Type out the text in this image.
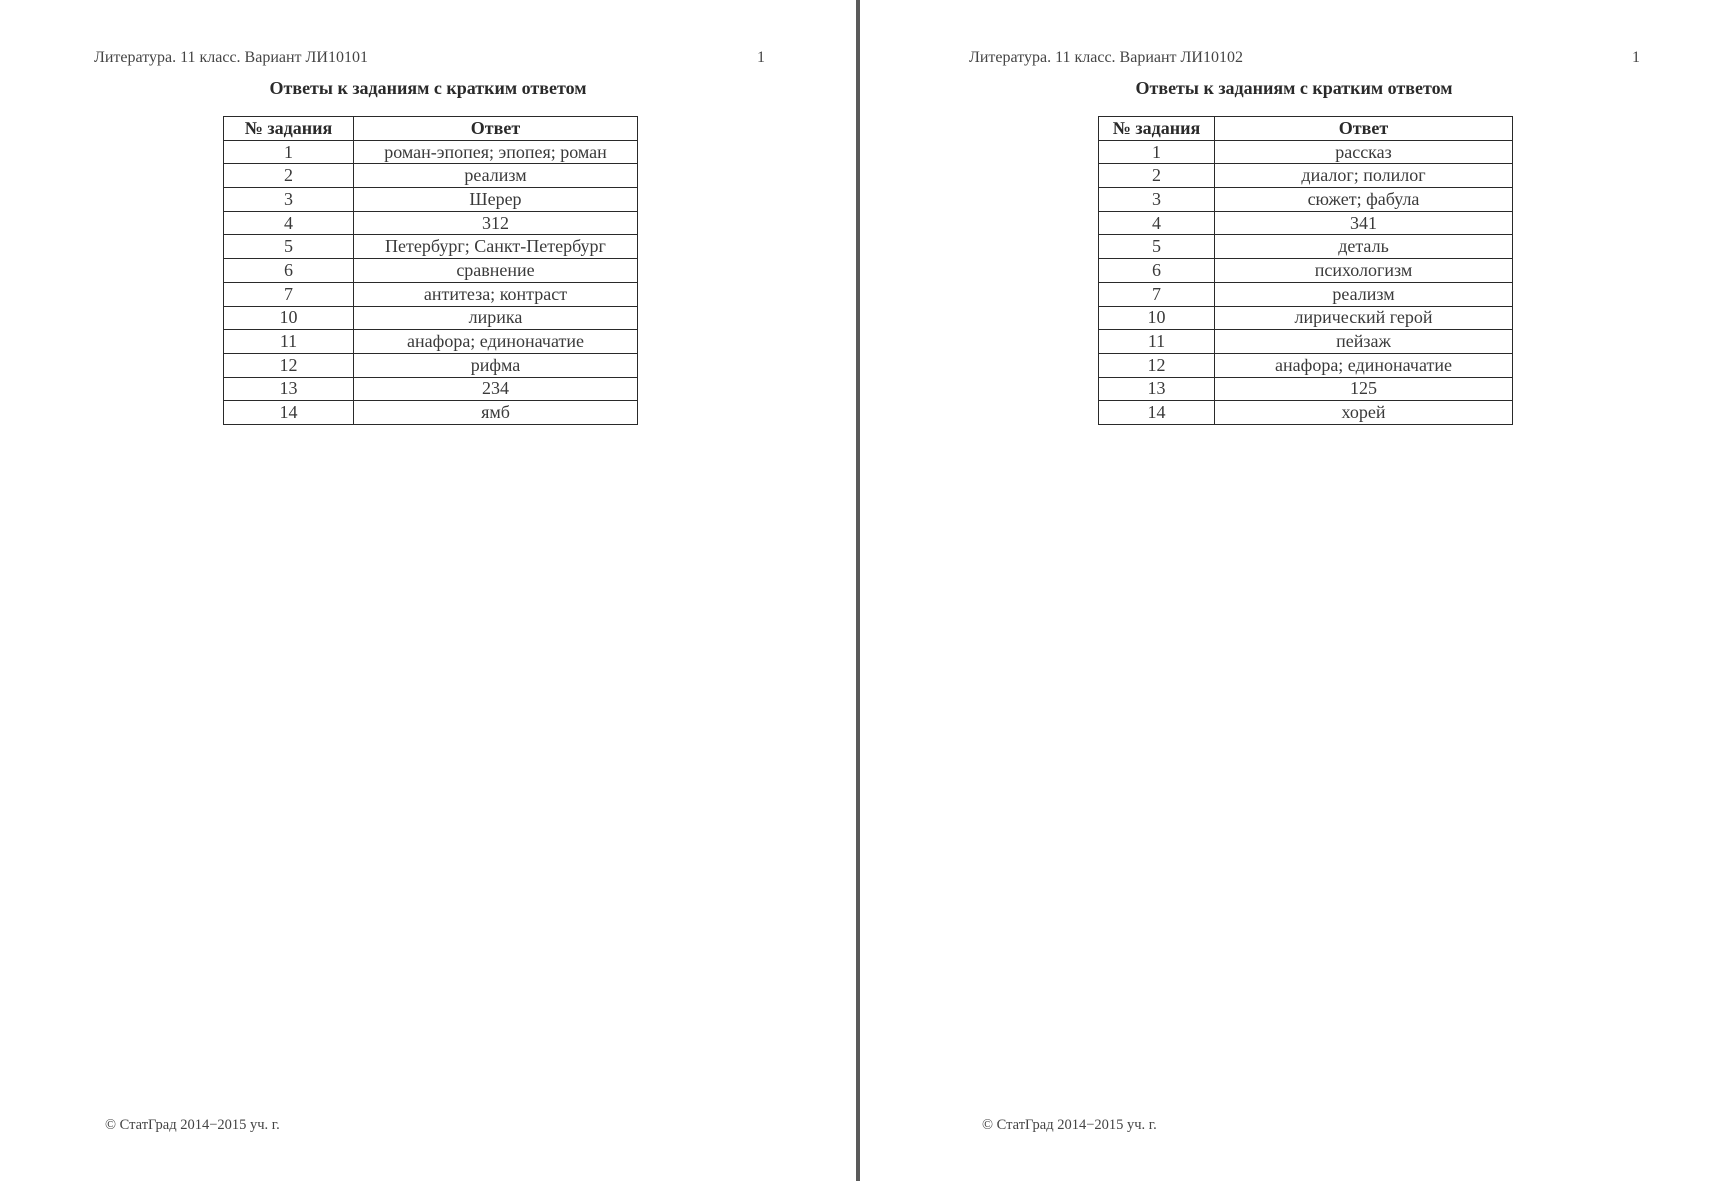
Литература. 11 класс. Вариант ЛИ10101	1
Ответы к заданиям с кратким ответом
№ задания	Ответ
1	роман-эпопея; эпопея; роман
2	реализм
3	Шерер
4	312
5	Петербург; Санкт-Петербург
6	сравнение
7	антитеза; контраст
10	лирика
11	анафора; единоначатие
12	рифма
13	234
14	ямб
© СтатГрад 2014−2015 уч. г.
Литература. 11 класс. Вариант ЛИ10102	1
Ответы к заданиям с кратким ответом
№ задания	Ответ
1	рассказ
2	диалог; полилог
3	сюжет; фабула
4	341
5	деталь
6	психологизм
7	реализм
10	лирический герой
11	пейзаж
12	анафора; единоначатие
13	125
14	хорей
© СтатГрад 2014−2015 уч. г.
